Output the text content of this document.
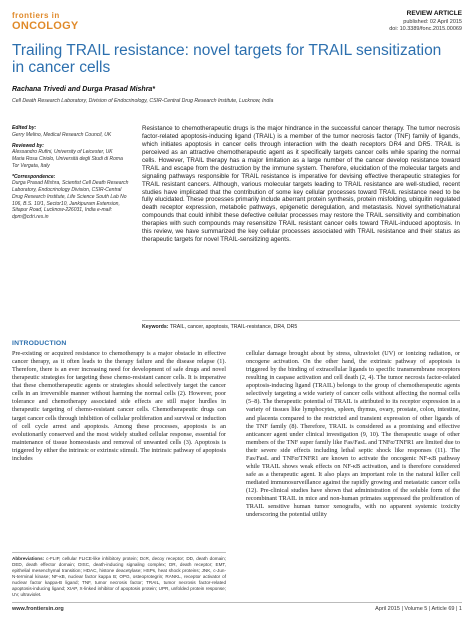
frontiers in
ONCOLOGY
REVIEW ARTICLE
published: 02 April 2015
doi: 10.3389/fonc.2015.00069
Trailing TRAIL resistance: novel targets for TRAIL sensitization in cancer cells
Rachana Trivedi and Durga Prasad Mishra*
Cell Death Research Laboratory, Division of Endocrinology, CSIR-Central Drug Research Institute, Lucknow, India
Edited by:
Gerry Melino, Medical Research Council, UK
Reviewed by:
Alessandro Rufini, University of Leicester, UK
Maria Rosa Ciriolo, Università degli Studi di Roma Tor Vergata, Italy
*Correspondence:
Durga Prasad Mishra, Scientist Cell Death Research Laboratory, Endocrinology Division, CSIR-Central Drug Research Institute, Life Science South Lab No 106, B.S. 10/1, Sector10, Jankipuram Extension, Sitapur Road, Lucknow-226031, India e-mail: dpm@cdri.res.in
Resistance to chemotherapeutic drugs is the major hindrance in the successful cancer therapy. The tumor necrosis factor-related apoptosis-inducing ligand (TRAIL) is a member of the tumor necrosis factor (TNF) family of ligands, which initiates apoptosis in cancer cells through interaction with the death receptors DR4 and DR5. TRAIL is perceived as an attractive chemotherapeutic agent as it specifically targets cancer cells while sparing the normal cells. However, TRAIL therapy has a major limitation as a large number of the cancer develop resistance toward TRAIL and escape from the destruction by the immune system. Therefore, elucidation of the molecular targets and signaling pathways responsible for TRAIL resistance is imperative for devising effective therapeutic strategies for TRAIL resistant cancers. Although, various molecular targets leading to TRAIL resistance are well-studied, recent studies have implicated that the contribution of some key cellular processes toward TRAIL resistance need to be fully elucidated. These processes primarily include aberrant protein synthesis, protein misfolding, ubiquitin regulated death receptor expression, metabolic pathways, epigenetic deregulation, and metastasis. Novel synthetic/natural compounds that could inhibit these defective cellular processes may restore the TRAIL sensitivity and combination therapies with such compounds may resensitize TRAIL resistant cancer cells toward TRAIL-induced apoptosis. In this review, we have summarized the key cellular processes associated with TRAIL resistance and their status as therapeutic targets for novel TRAIL-sensitizing agents.
Keywords: TRAIL, cancer, apoptosis, TRAIL-resistance, DR4, DR5
INTRODUCTION
Pre-existing or acquired resistance to chemotherapy is a major obstacle in effective cancer therapy, as it often leads to the therapy failure and the disease relapse (1). Therefore, there is an ever increasing need for development of safe drugs and novel therapeutic strategies for targeting these chemo-resistant cancer cells. It is imperative that these chemotherapeutic agents or strategies should selectively target the cancer cells in an irreversible manner without harming the normal cells (2). However, poor tolerance and chemotherapy associated side effects are still major hurdles in therapeutic targeting of chemo-resistant cancer cells. Chemotherapeutic drugs can target cancer cells through inhibition of cellular proliferation and survival or induction of cell cycle arrest and apoptosis. Among these processes, apoptosis is an evolutionarily conserved and the most widely studied cellular response, essential for maintenance of tissue homeostasis and removal of unwanted cells (3). Apoptosis is triggered by either the intrinsic or extrinsic stimuli. The intrinsic pathway of apoptosis includes
cellular damage brought about by stress, ultraviolet (UV) or ionizing radiation, or oncogene activation. On the other hand, the extrinsic pathway of apoptosis is triggered by the binding of extracellular ligands to specific transmembrane receptors resulting in caspase activation and cell death (2, 4). The tumor necrosis factor-related apoptosis-inducing ligand (TRAIL) belongs to the group of chemotherapeutic agents selectively targeting a wide variety of cancer cells without affecting the normal cells (5–8). The therapeutic potential of TRAIL is attributed to its receptor expression in a variety of tissues like lymphocytes, spleen, thymus, ovary, prostate, colon, intestine, and placenta compared to the restricted and transient expression of other ligands of the TNF family (8). Therefore, TRAIL is considered as a promising and effective anticancer agent under clinical investigation (9, 10). The therapeutic usage of other members of the TNF super family like Fas/FasL and TNFα/TNFR1 are limited due to their severe side effects including lethal septic shock like responses (11). The Fas/FasL and TNFα/TNFR1 are known to activate the oncogenic NF-κB pathway while TRAIL shows weak effects on NF-κB activation, and is therefore considered safe as a therapeutic agent. It also plays an important role in the natural killer cell mediated immunosurveillance against the rapidly growing and metastatic cancer cells (12). Pre-clinical studies have shown that administration of the soluble form of the recombinant TRAIL in mice and non-human primates suppressed the proliferation of TRAIL sensitive human tumor xenografts, with no apparent systemic toxicity underscoring the potential utility
Abbreviations: c-FLIP, cellular FLICE-like inhibitory protein; DcR, decoy receptor; DD, death domain; DED, death effector domain; DISC, death-inducing signaling complex; DR, death receptor; EMT, epithelial mesenchymal transition; HDAC, histone deacetylase; HSPs, heat shock proteins; JNK, c-Jun-N-terminal kinase; NF-κB, nuclear factor kappa B; OPG, osteoprotegrin; RANKL, receptor activator of nuclear factor kappa-B ligand; TNF, tumor necrosis factor; TRAIL, tumor necrosis factor-related apoptosis-inducing ligand; XIAP, X-linked inhibitor of apoptosis protein; UPR, unfolded protein response; UV, ultraviolet.
www.frontiersin.org	April 2015 | Volume 5 | Article 69 | 1
